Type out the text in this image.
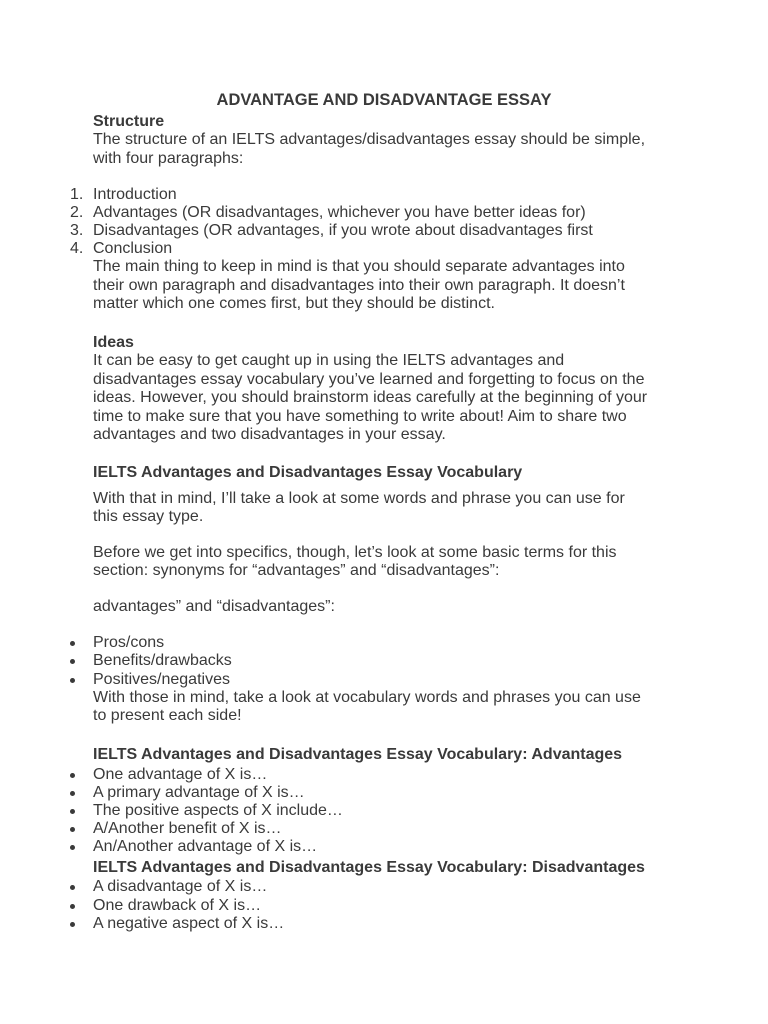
ADVANTAGE AND DISADVANTAGE ESSAY
Structure
The structure of an IELTS advantages/disadvantages essay should be simple,
with four paragraphs:
1. Introduction
2. Advantages (OR disadvantages, whichever you have better ideas for)
3. Disadvantages (OR advantages, if you wrote about disadvantages first
4. Conclusion
The main thing to keep in mind is that you should separate advantages into
their own paragraph and disadvantages into their own paragraph. It doesn’t
matter which one comes first, but they should be distinct.
Ideas
It can be easy to get caught up in using the IELTS advantages and
disadvantages essay vocabulary you’ve learned and forgetting to focus on the
ideas. However, you should brainstorm ideas carefully at the beginning of your
time to make sure that you have something to write about! Aim to share two
advantages and two disadvantages in your essay.
IELTS Advantages and Disadvantages Essay Vocabulary
With that in mind, I’ll take a look at some words and phrase you can use for
this essay type.
Before we get into specifics, though, let’s look at some basic terms for this
section: synonyms for “advantages” and “disadvantages”:
advantages” and “disadvantages”:
Pros/cons
Benefits/drawbacks
Positives/negatives
With those in mind, take a look at vocabulary words and phrases you can use
to present each side!
IELTS Advantages and Disadvantages Essay Vocabulary: Advantages
One advantage of X is…
A primary advantage of X is…
The positive aspects of X include…
A/Another benefit of X is…
An/Another advantage of X is…
IELTS Advantages and Disadvantages Essay Vocabulary: Disadvantages
A disadvantage of X is…
One drawback of X is…
A negative aspect of X is…
